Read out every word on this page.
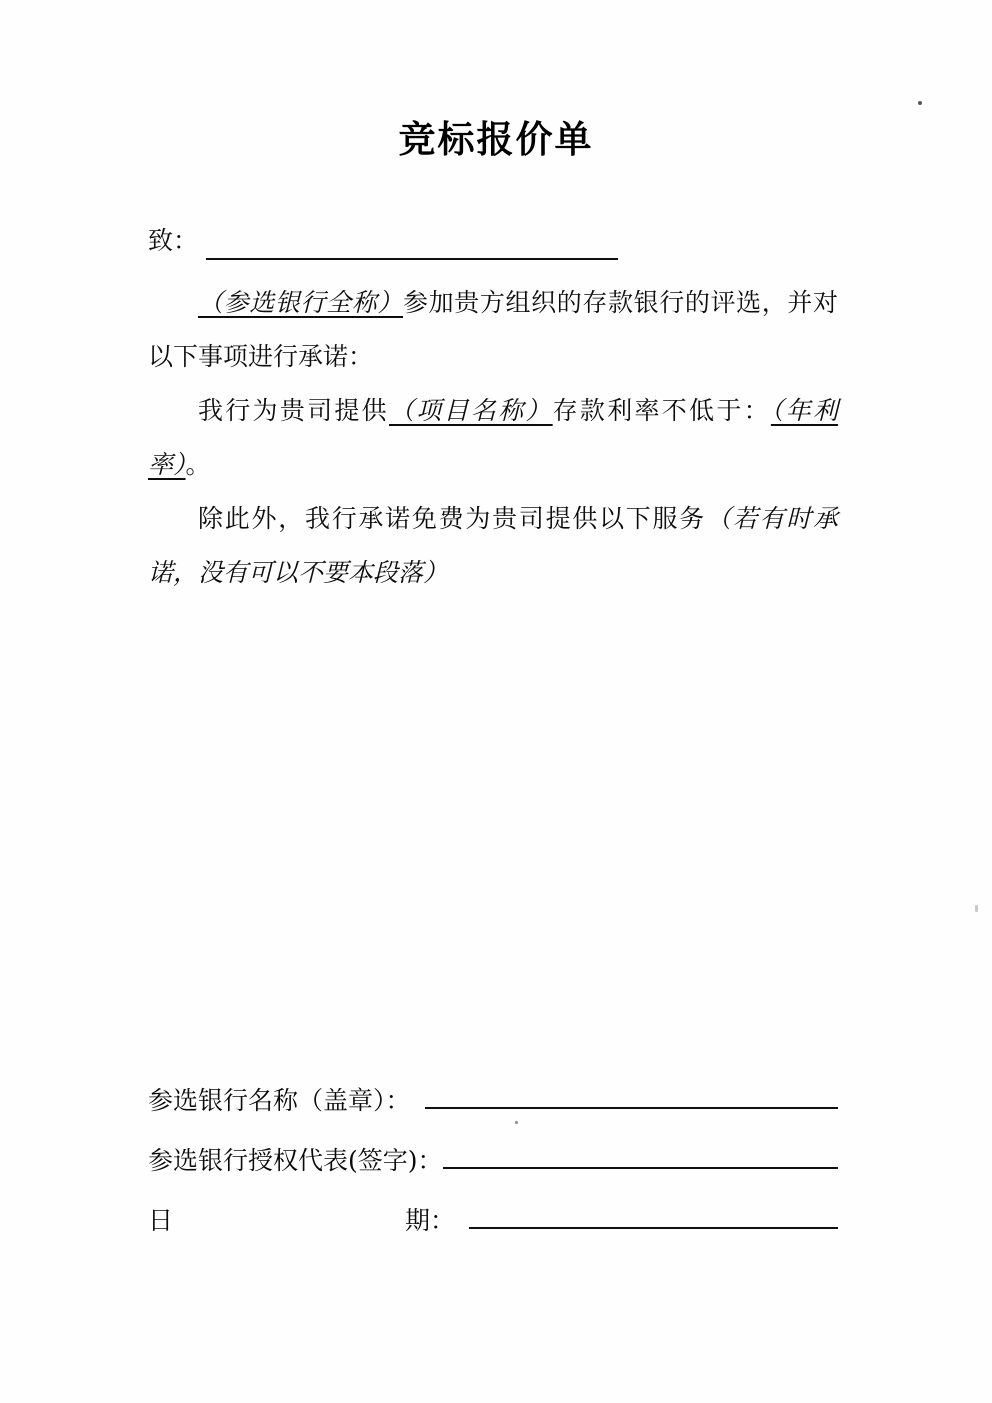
竞标报价单
致：

（参选银行全称）参加贵方组织的存款银行的评选，并对以下事项进行承诺：

我行为贵司提供（项目名称）存款利率不低于：（年利率）。

除此外，我行承诺免费为贵司提供以下服务（若有时承诺，没有可以不要本段落）

参选银行名称（盖章）：
参选银行授权代表(签字)：
日	期：
